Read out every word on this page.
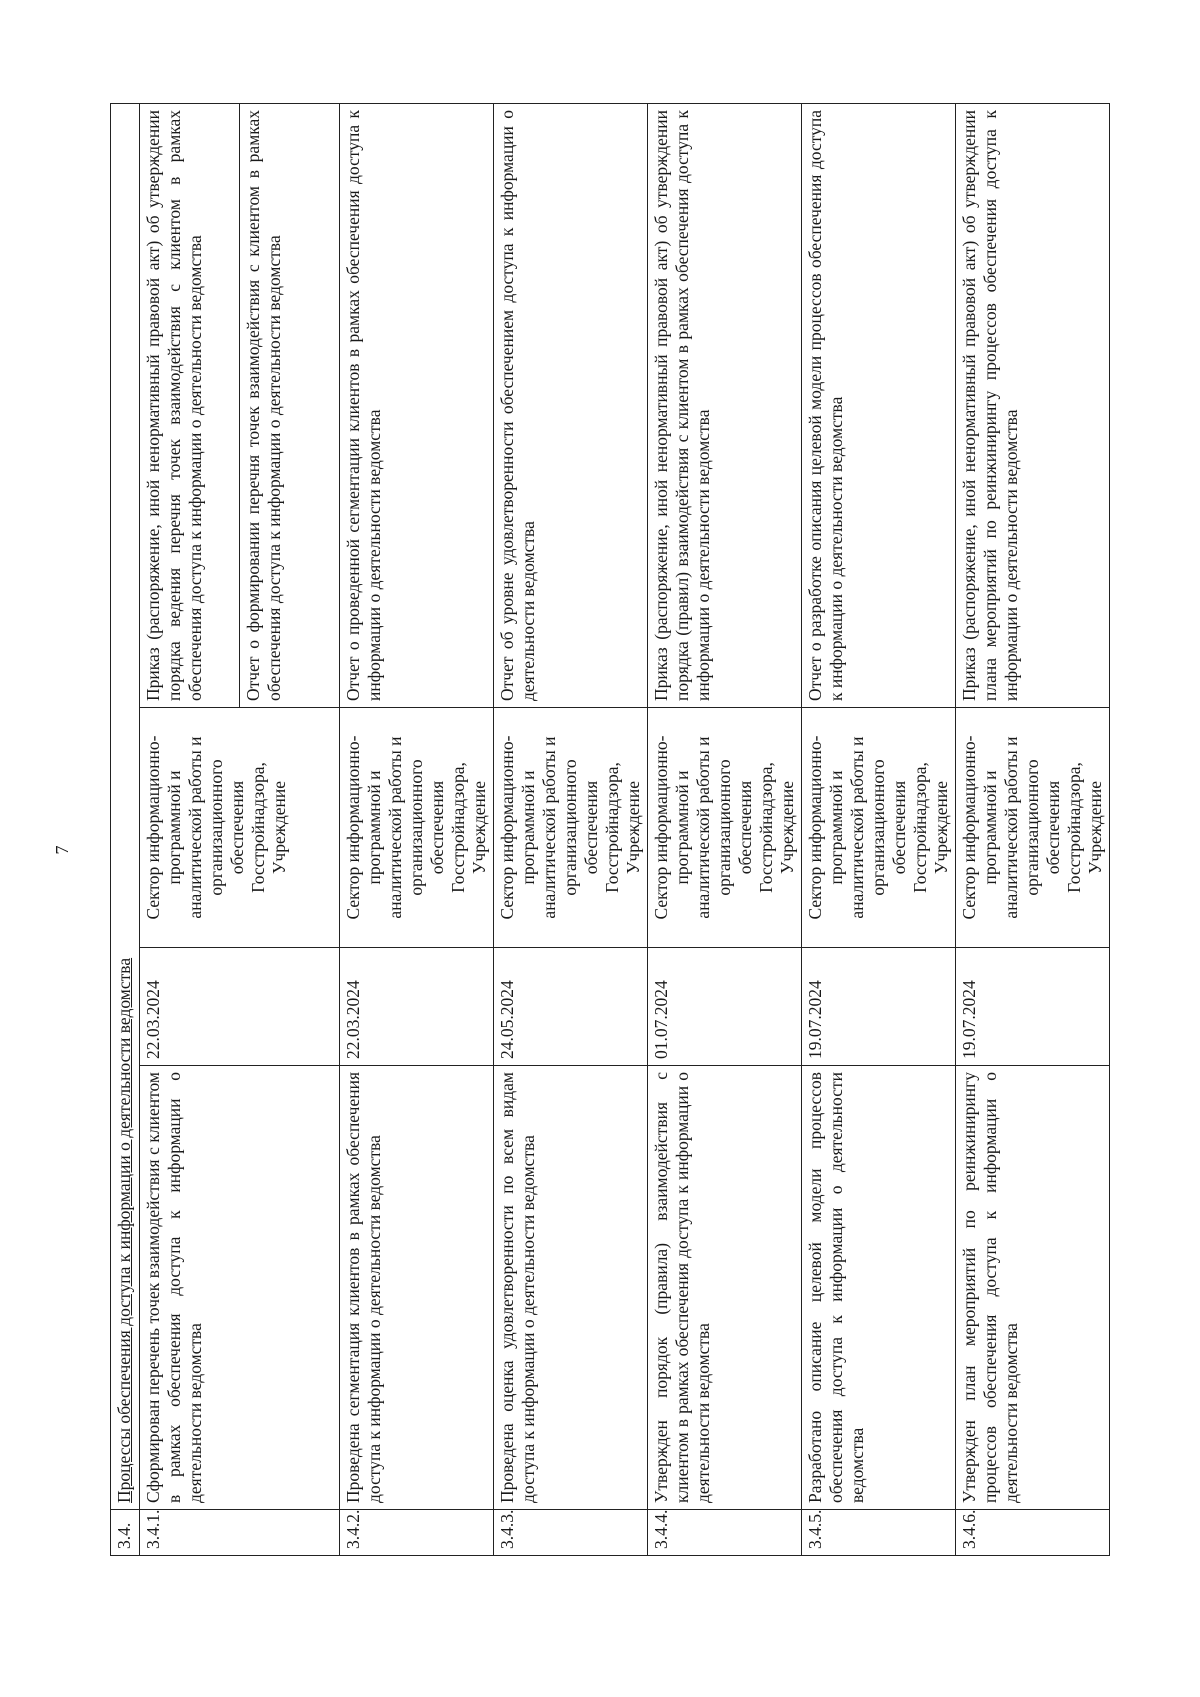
7
3.4.	Процессы обеспечения доступа к информации о деятельности ведомства			
3.4.1.	Сформирован перечень точек взаимодействия с клиентом в рамках обеспечения доступа к информации о деятельности ведомства	22.03.2024	Сектор информационно-программной и аналитической работы и организационного обеспечения Госстройнадзора, Учреждение	Приказ (распоряжение, иной ненормативный правовой акт) об утверждении порядка ведения перечня точек взаимодействия с клиентом в рамках обеспечения доступа к информации о деятельности ведомства
				Отчет о формировании перечня точек взаимодействия с клиентом в рамках обеспечения доступа к информации о деятельности ведомства
3.4.2.	Проведена сегментация клиентов в рамках обеспечения доступа к информации о деятельности ведомства	22.03.2024	Сектор информационно-программной и аналитической работы и организационного обеспечения Госстройнадзора, Учреждение	Отчет о проведенной сегментации клиентов в рамках обеспечения доступа к информации о деятельности ведомства
3.4.3.	Проведена оценка удовлетворенности по всем видам доступа к информации о деятельности ведомства	24.05.2024	Сектор информационно-программной и аналитической работы и организационного обеспечения Госстройнадзора, Учреждение	Отчет об уровне удовлетворенности обеспечением доступа к информации о деятельности ведомства
3.4.4.	Утвержден порядок (правила) взаимодействия с клиентом в рамках обеспечения доступа к информации о деятельности ведомства	01.07.2024	Сектор информационно-программной и аналитической работы и организационного обеспечения Госстройнадзора, Учреждение	Приказ (распоряжение, иной ненормативный правовой акт) об утверждении порядка (правил) взаимодействия с клиентом в рамках обеспечения доступа к информации о деятельности ведомства
3.4.5.	Разработано описание целевой модели процессов обеспечения доступа к информации о деятельности ведомства	19.07.2024	Сектор информационно-программной и аналитической работы и организационного обеспечения Госстройнадзора, Учреждение	Отчет о разработке описания целевой модели процессов обеспечения доступа к информации о деятельности ведомства
3.4.6.	Утвержден план мероприятий по реинжинирингу процессов обеспечения доступа к информации о деятельности ведомства	19.07.2024	Сектор информационно-программной и аналитической работы и организационного обеспечения Госстройнадзора, Учреждение	Приказ (распоряжение, иной ненормативный правовой акт) об утверждении плана мероприятий по реинжинирингу процессов обеспечения доступа к информации о деятельности ведомства
